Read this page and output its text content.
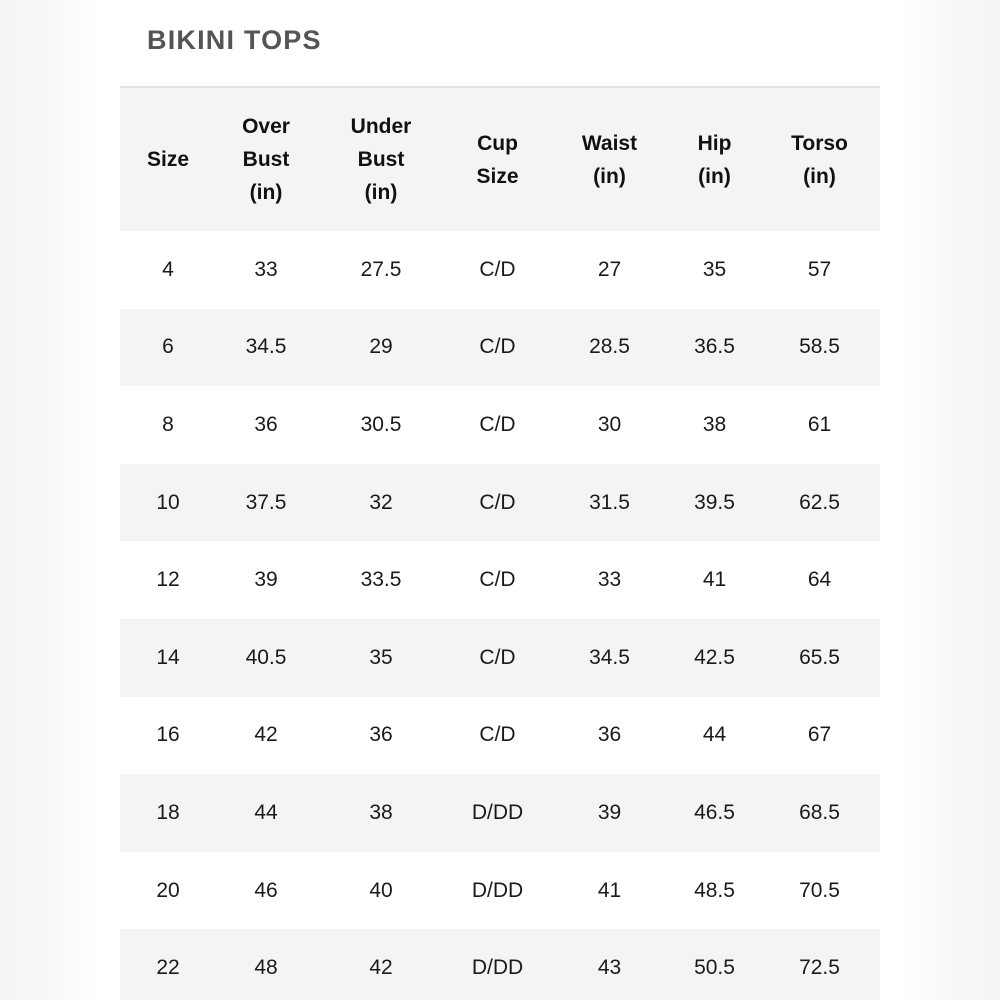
BIKINI TOPS
Size	Over
Bust
(in)	Under
Bust
(in)	Cup
Size	Waist
(in)	Hip
(in)	Torso
(in)

4	33	27.5	C/D	27	35	57
6	34.5	29	C/D	28.5	36.5	58.5
8	36	30.5	C/D	30	38	61
10	37.5	32	C/D	31.5	39.5	62.5
12	39	33.5	C/D	33	41	64
14	40.5	35	C/D	34.5	42.5	65.5
16	42	36	C/D	36	44	67
18	44	38	D/DD	39	46.5	68.5
20	46	40	D/DD	41	48.5	70.5
22	48	42	D/DD	43	50.5	72.5
